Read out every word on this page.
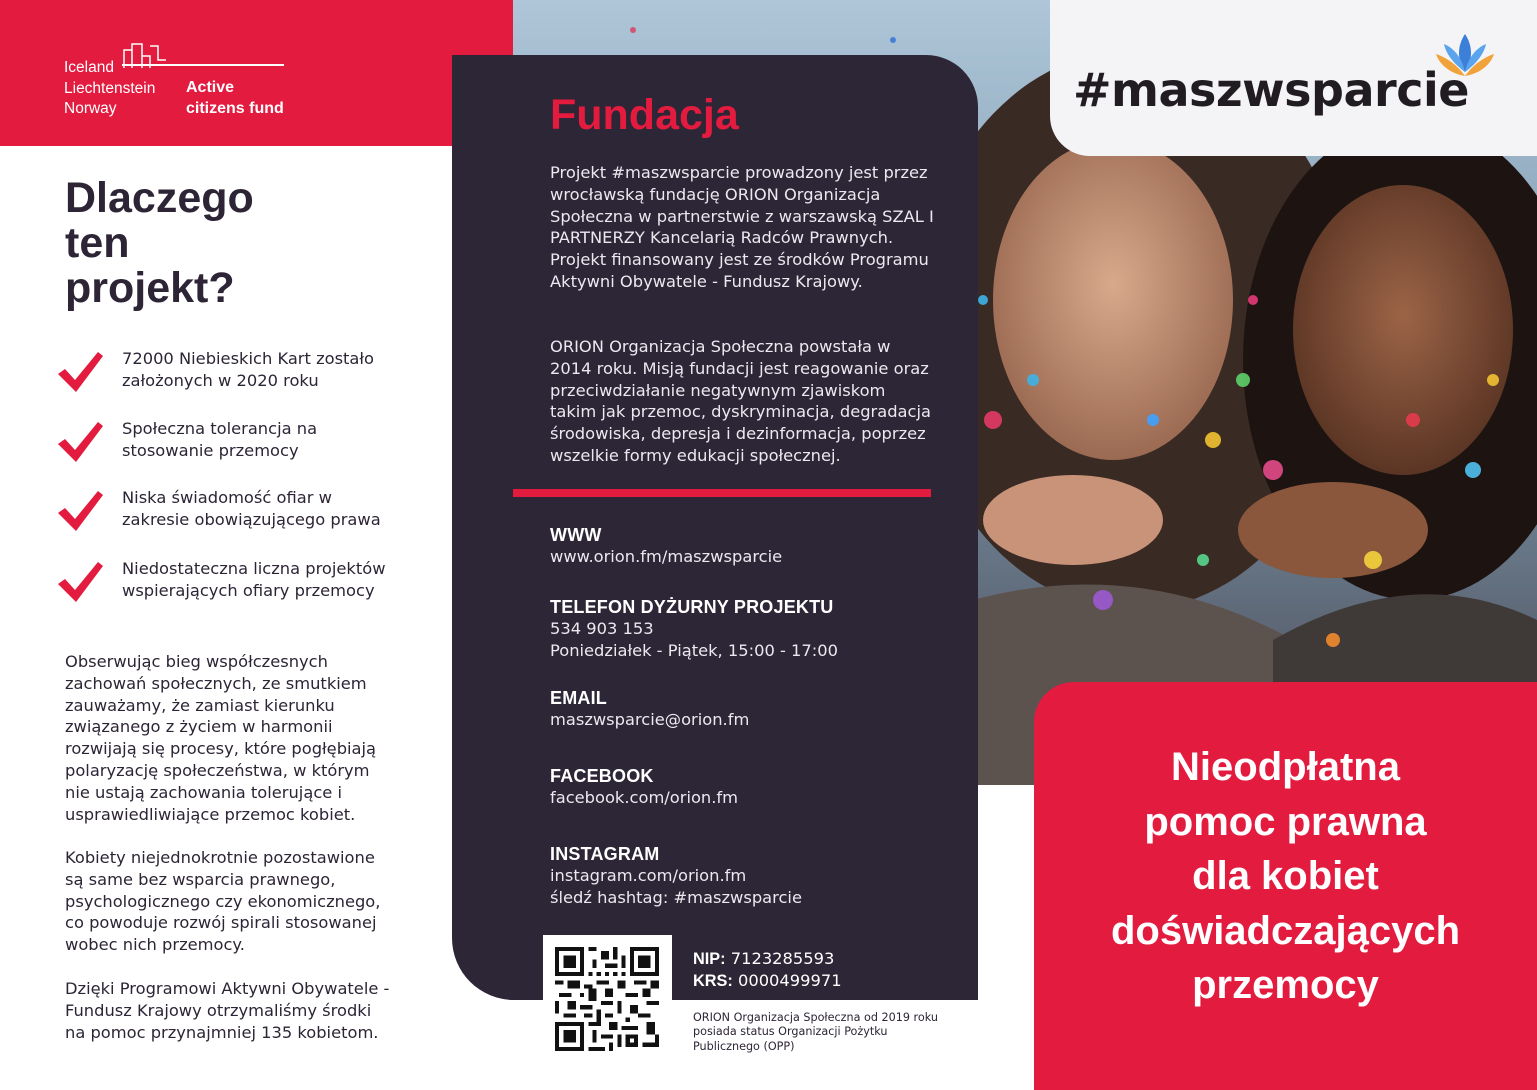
Iceland
Liechtenstein
Norway
Active
citizens fund
Dlaczego
ten
projekt?
72000 Niebieskich Kart zostało założonych w 2020 roku
Społeczna tolerancja na stosowanie przemocy
Niska świadomość ofiar w zakresie obowiązującego prawa
Niedostateczna liczna projektów wspierających ofiary przemocy
Obserwując bieg współczesnych zachowań społecznych, ze smutkiem zauważamy, że zamiast kierunku związanego z życiem w harmonii rozwijają się procesy, które pogłębiają polaryzację społeczeństwa, w którym nie ustają zachowania tolerujące i usprawiedliwiające przemoc kobiet.
Kobiety niejednokrotnie pozostawione są same bez wsparcia prawnego, psychologicznego czy ekonomicznego, co powoduje rozwój spirali stosowanej wobec nich przemocy.
Dzięki Programowi Aktywni Obywatele - Fundusz Krajowy otrzymaliśmy środki na pomoc przynajmniej 135 kobietom.
Fundacja
Projekt #maszwsparcie prowadzony jest przez wrocławską fundację ORION Organizacja Społeczna w partnerstwie z warszawską SZAL I PARTNERZY Kancelarią Radców Prawnych. Projekt finansowany jest ze środków Programu Aktywni Obywatele - Fundusz Krajowy.
ORION Organizacja Społeczna powstała w 2014 roku. Misją fundacji jest reagowanie oraz przeciwdziałanie negatywnym zjawiskom takim jak przemoc, dyskryminacja, degradacja środowiska, depresja i dezinformacja, poprzez wszelkie formy edukacji społecznej.
WWW
www.orion.fm/maszwsparcie
TELEFON DYŻURNY PROJEKTU
534 903 153
Poniedziałek - Piątek, 15:00 - 17:00
EMAIL
maszwsparcie@orion.fm
FACEBOOK
facebook.com/orion.fm
INSTAGRAM
instagram.com/orion.fm
śledź hashtag: #maszwsparcie
NIP: 7123285593
KRS: 0000499971
ORION Organizacja Społeczna od 2019 roku posiada status Organizacji Pożytku Publicznego (OPP)
#maszwsparcie
Nieodpłatna
pomoc prawna
dla kobiet
doświadczających
przemocy
